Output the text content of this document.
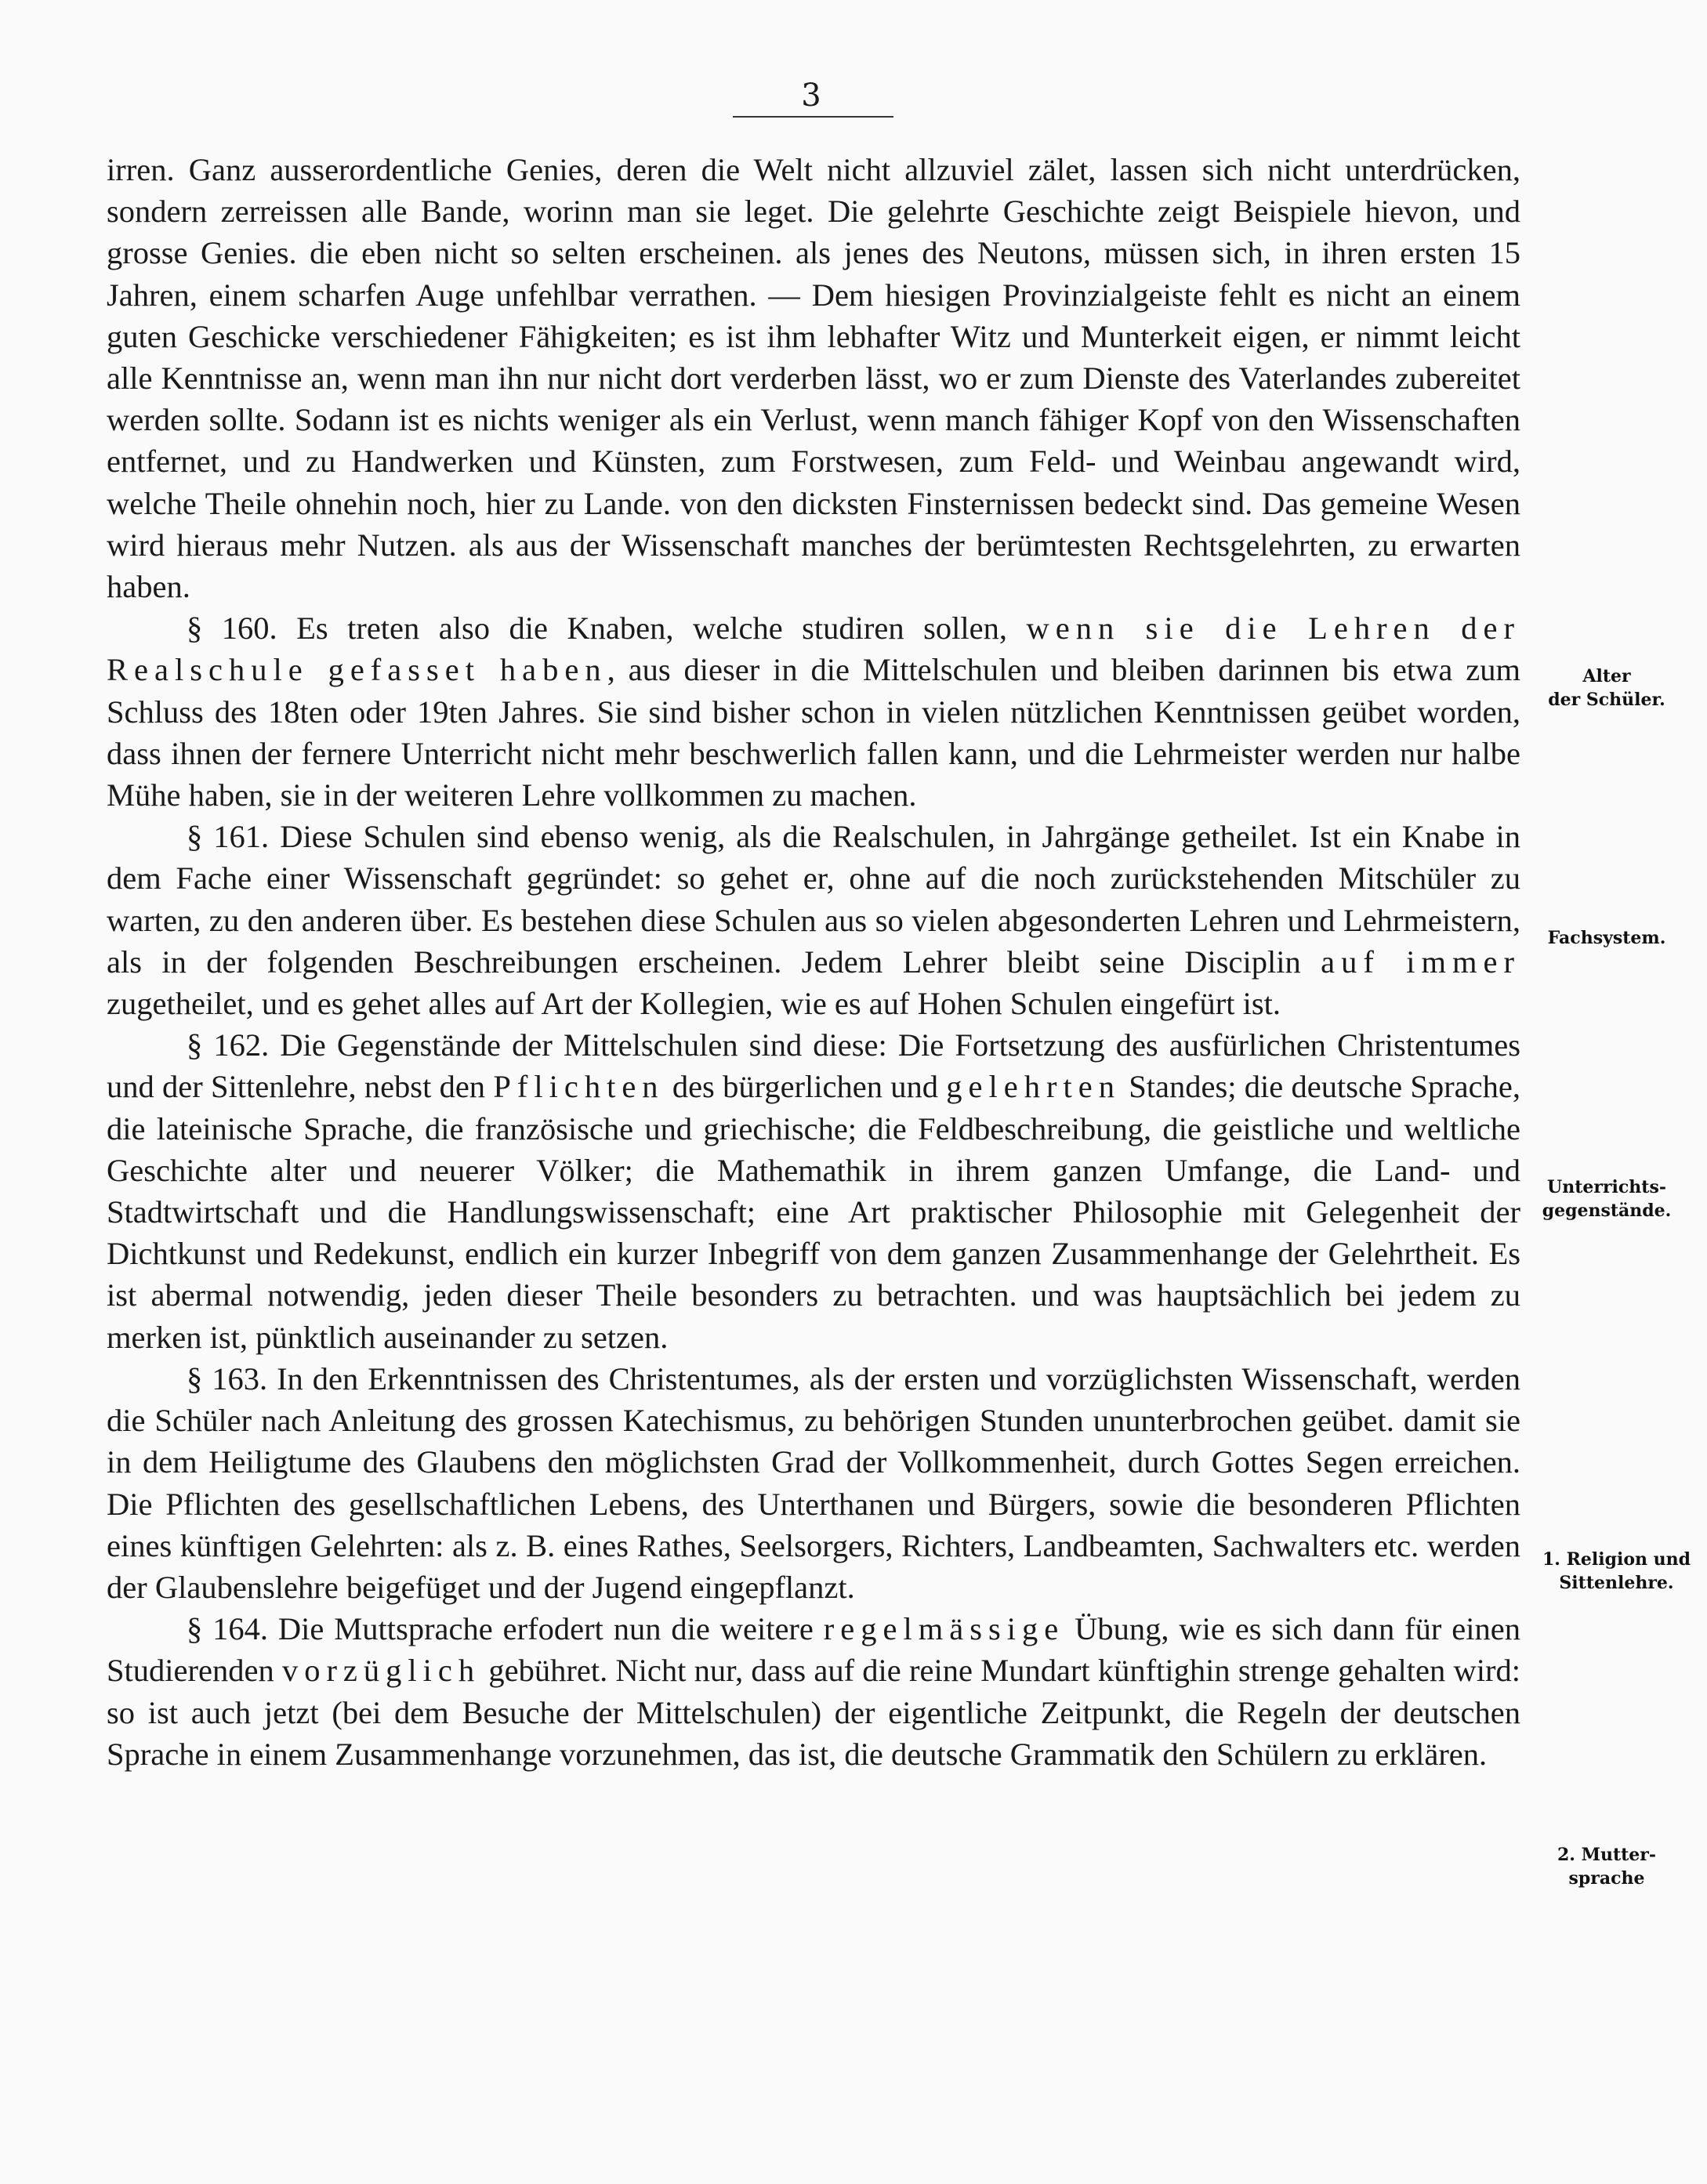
3

irren. Ganz ausserordentliche Genies, deren die Welt nicht allzuviel zälet, lassen sich nicht unterdrücken, sondern zerreissen alle Bande, worinn man sie leget. Die gelehrte Geschichte zeigt Beispiele hievon, und grosse Genies. die eben nicht so selten erscheinen. als jenes des Neutons, müssen sich, in ihren ersten 15 Jahren, einem scharfen Auge unfehlbar verrathen. — Dem hiesigen Provinzialgeiste fehlt es nicht an einem guten Geschicke verschiedener Fähigkeiten; es ist ihm lebhafter Witz und Munterkeit eigen, er nimmt leicht alle Kenntnisse an, wenn man ihn nur nicht dort verderben lässt, wo er zum Dienste des Vaterlandes zubereitet werden sollte. Sodann ist es nichts weniger als ein Verlust, wenn manch fähiger Kopf von den Wissenschaften entfernet, und zu Handwerken und Künsten, zum Forstwesen, zum Feld- und Weinbau angewandt wird, welche Theile ohnehin noch, hier zu Lande. von den dicksten Finsternissen bedeckt sind. Das gemeine Wesen wird hieraus mehr Nutzen. als aus der Wissenschaft manches der berümtesten Rechtsgelehrten, zu erwarten haben.

§ 160. Es treten also die Knaben, welche studiren sollen, wenn sie die Lehren der Realschule gefasset haben, aus dieser in die Mittelschulen und bleiben darinnen bis etwa zum Schluss des 18ten oder 19ten Jahres. Sie sind bisher schon in vielen nützlichen Kenntnissen geübet worden, dass ihnen der fernere Unterricht nicht mehr beschwerlich fallen kann, und die Lehrmeister werden nur halbe Mühe haben, sie in der weiteren Lehre vollkommen zu machen.

§ 161. Diese Schulen sind ebenso wenig, als die Realschulen, in Jahrgänge getheilet. Ist ein Knabe in dem Fache einer Wissenschaft gegründet: so gehet er, ohne auf die noch zurückstehenden Mitschüler zu warten, zu den anderen über. Es bestehen diese Schulen aus so vielen abgesonderten Lehren und Lehrmeistern, als in der folgenden Beschreibungen erscheinen. Jedem Lehrer bleibt seine Disciplin auf immer zugetheilet, und es gehet alles auf Art der Kollegien, wie es auf Hohen Schulen eingefürt ist.

§ 162. Die Gegenstände der Mittelschulen sind diese: Die Fortsetzung des ausfürlichen Christentumes und der Sittenlehre, nebst den Pflichten des bürgerlichen und gelehrten Standes; die deutsche Sprache, die lateinische Sprache, die französische und griechische; die Feldbeschreibung, die geistliche und weltliche Geschichte alter und neuerer Völker; die Mathemathik in ihrem ganzen Umfange, die Land- und Stadtwirtschaft und die Handlungswissenschaft; eine Art praktischer Philosophie mit Gelegenheit der Dichtkunst und Redekunst, endlich ein kurzer Inbegriff von dem ganzen Zusammenhange der Gelehrtheit. Es ist abermal notwendig, jeden dieser Theile besonders zu betrachten. und was hauptsächlich bei jedem zu merken ist, pünktlich auseinander zu setzen.

§ 163. In den Erkenntnissen des Christentumes, als der ersten und vorzüglichsten Wissenschaft, werden die Schüler nach Anleitung des grossen Katechismus, zu behörigen Stunden ununterbrochen geübet. damit sie in dem Heiligtume des Glaubens den möglichsten Grad der Vollkommenheit, durch Gottes Segen erreichen. Die Pflichten des gesellschaftlichen Lebens, des Unterthanen und Bürgers, sowie die besonderen Pflichten eines künftigen Gelehrten: als z. B. eines Rathes, Seelsorgers, Richters, Landbeamten, Sachwalters etc. werden der Glaubenslehre beigefüget und der Jugend eingepflanzt.

§ 164. Die Muttsprache erfodert nun die weitere regelmässige Übung, wie es sich dann für einen Studierenden vorzüglich gebühret. Nicht nur, dass auf die reine Mundart künftighin strenge gehalten wird: so ist auch jetzt (bei dem Besuche der Mittelschulen) der eigentliche Zeitpunkt, die Regeln der deutschen Sprache in einem Zusammenhange vorzunehmen, das ist, die deutsche Grammatik den Schülern zu erklären.

Alter
der Schüler.
Fachsystem.
Unterrichts-
gegenstände.
1. Religion und
Sittenlehre.
2. Mutter-
sprache
